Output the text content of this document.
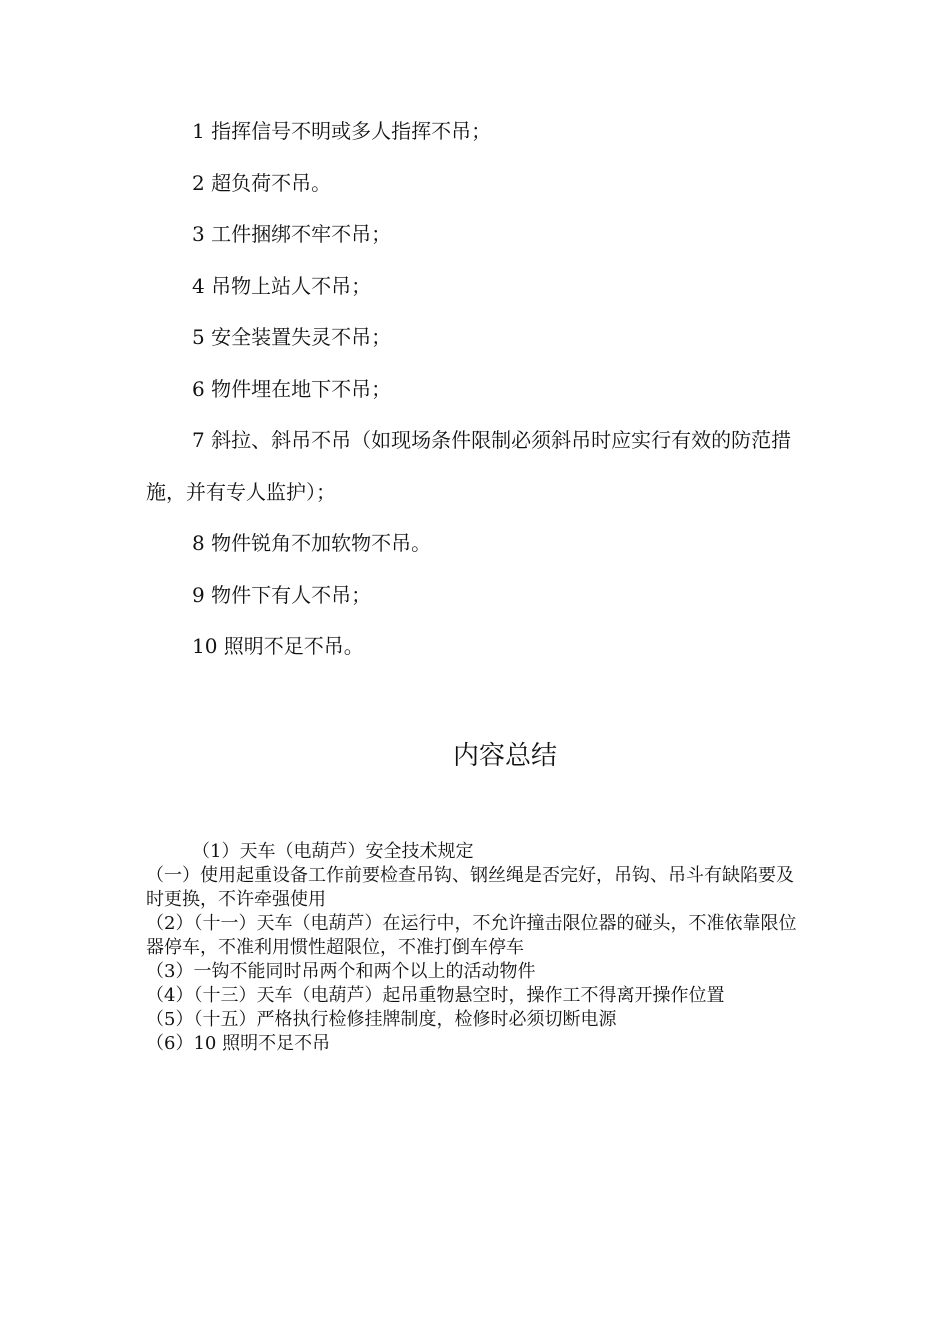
1 指挥信号不明或多人指挥不吊；

2 超负荷不吊。

3 工件捆绑不牢不吊；

4 吊物上站人不吊；

5 安全装置失灵不吊；

6 物件埋在地下不吊；

7 斜拉、斜吊不吊（如现场条件限制必须斜吊时应实行有效的防范措施，并有专人监护）；

8 物件锐角不加软物不吊。

9 物件下有人不吊；

10 照明不足不吊。

内容总结

（1）天车（电葫芦）安全技术规定

（一）使用起重设备工作前要检查吊钩、钢丝绳是否完好，吊钩、吊斗有缺陷要及时更换，不许牵强使用

（2）（十一）天车（电葫芦）在运行中，不允许撞击限位器的碰头，不准依靠限位器停车，不准利用惯性超限位，不准打倒车停车

（3）一钩不能同时吊两个和两个以上的活动物件

（4）（十三）天车（电葫芦）起吊重物悬空时，操作工不得离开操作位置

（5）（十五）严格执行检修挂牌制度，检修时必须切断电源

（6）10 照明不足不吊
